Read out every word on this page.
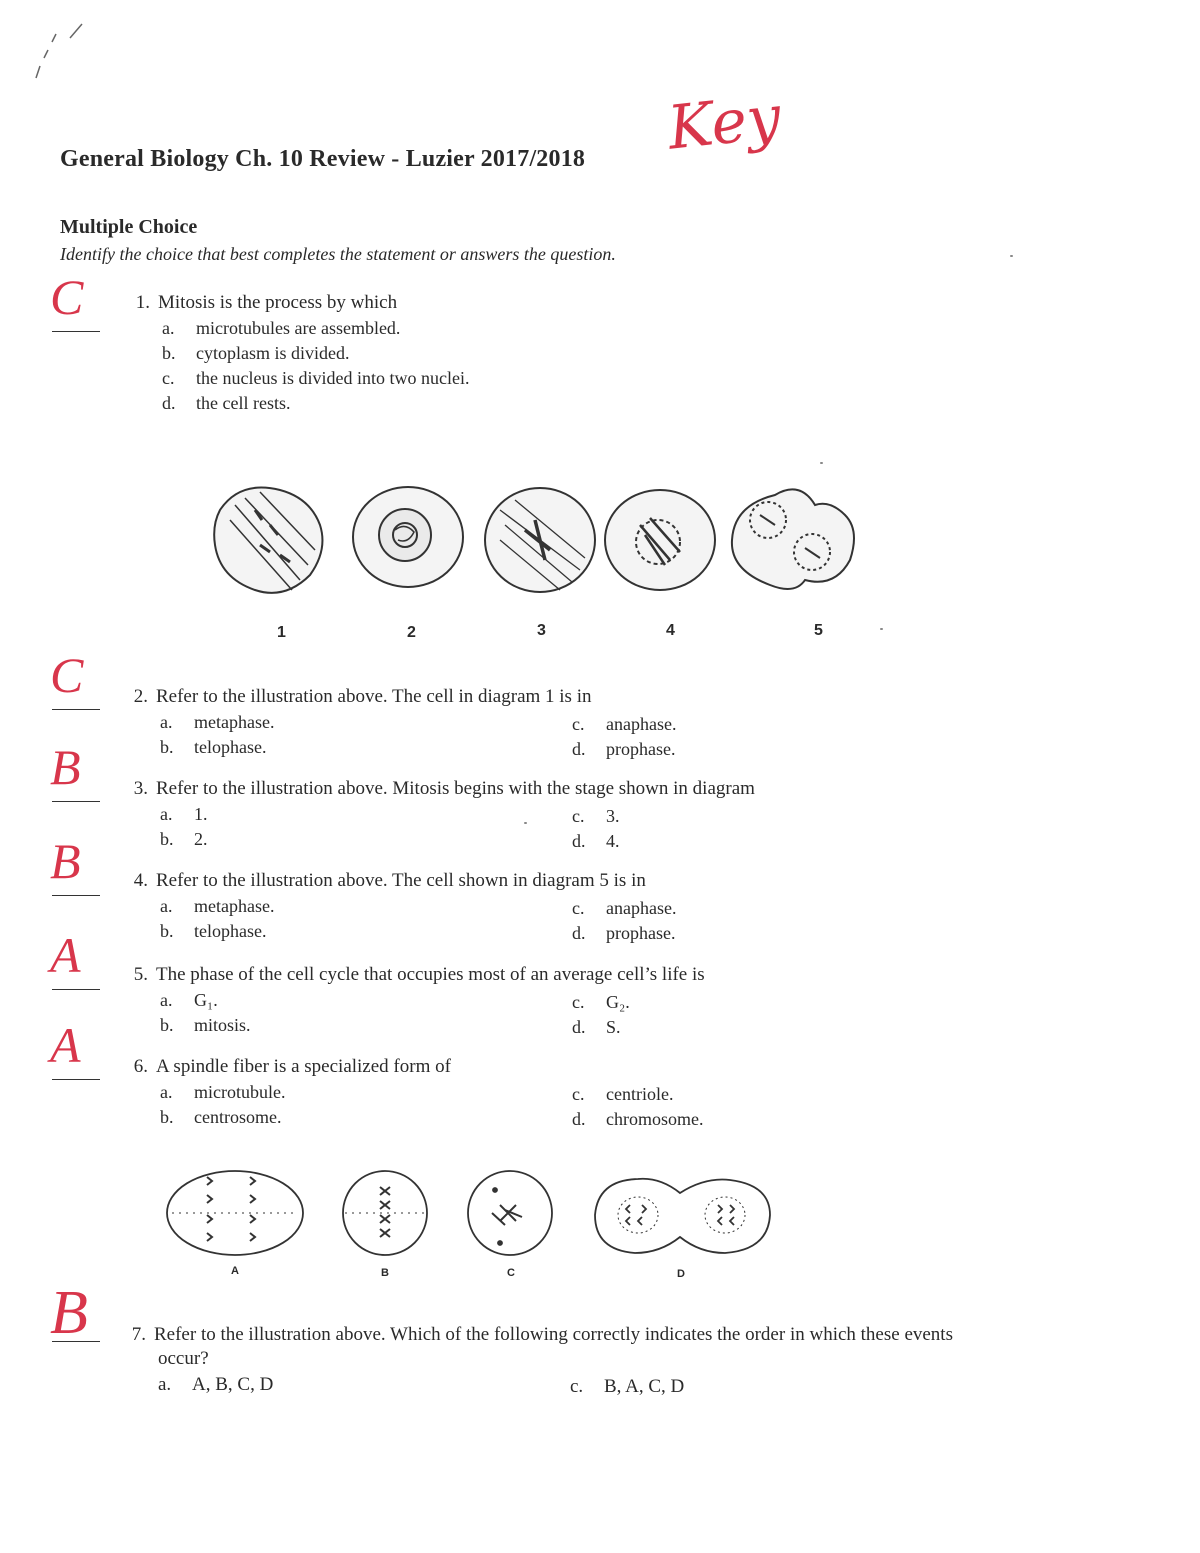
General Biology Ch. 10 Review - Luzier 2017/2018 Key
Multiple Choice
Identify the choice that best completes the statement or answers the question.
C	1. Mitosis is the process by which
a. microtubules are assembled.
b. cytoplasm is divided.
c. the nucleus is divided into two nuclei.
d. the cell rests.
1	2	3	4	5
C	2. Refer to the illustration above. The cell in diagram 1 is in
a. metaphase.
b. telophase.
c. anaphase.
d. prophase.
B	3. Refer to the illustration above. Mitosis begins with the stage shown in diagram
a. 1.
b. 2.
c. 3.
d. 4.
B	4. Refer to the illustration above. The cell shown in diagram 5 is in
a. metaphase.
b. telophase.
c. anaphase.
d. prophase.
A	5. The phase of the cell cycle that occupies most of an average cell’s life is
a. G₁.
b. mitosis.
c. G₂.
d. S.
A	6. A spindle fiber is a specialized form of
a. microtubule.
b. centrosome.
c. centriole.
d. chromosome.
A	B	C	D
B	7. Refer to the illustration above. Which of the following correctly indicates the order in which these events
occur?
a. A, B, C, D	c. B, A, C, D
